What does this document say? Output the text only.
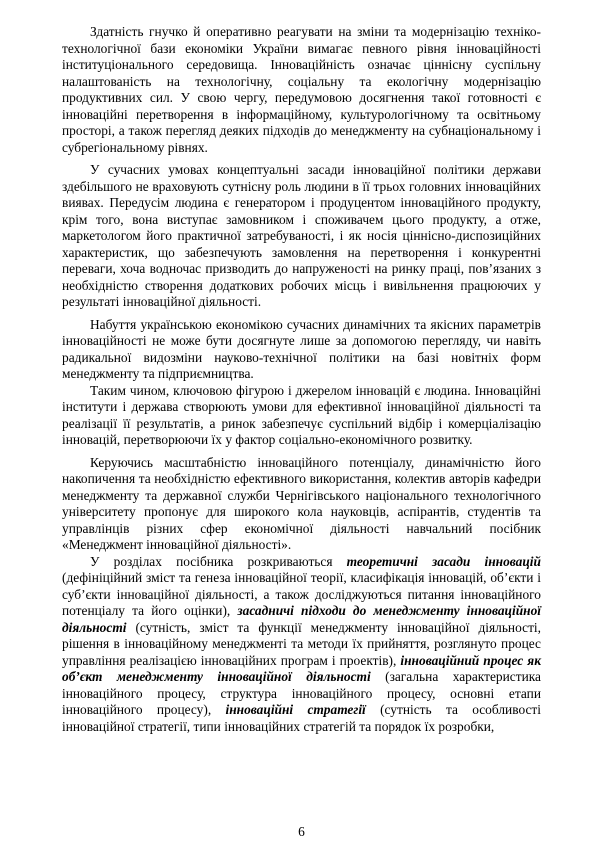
Здатність гнучко й оперативно реагувати на зміни та модернізацію техніко-технологічної бази економіки України вимагає певного рівня інноваційності інституціонального середовища. Інноваційність означає ціннісну суспільну налаштованість на технологічну, соціальну та екологічну модернізацію продуктивних сил. У свою чергу, передумовою досягнення такої готовності є інноваційні перетворення в інформаційному, культурологічному та освітньому просторі, а також перегляд деяких підходів до менеджменту на субнаціональному і субрегіональному рівнях.

У сучасних умовах концептуальні засади інноваційної політики держави здебільшого не враховують сутнісну роль людини в її трьох головних інноваційних виявах. Передусім людина є генератором і продуцентом інноваційного продукту, крім того, вона виступає замовником і споживачем цього продукту, а отже, маркетологом його практичної затребуваності, і як носія ціннісно-диспозиційних характеристик, що забезпечують замовлення на перетворення і конкурентні переваги, хоча водночас призводить до напруженості на ринку праці, пов’язаних з необхідністю створення додаткових робочих місць і вивільнення працюючих у результаті інноваційної діяльності.

Набуття українською економікою сучасних динамічних та якісних параметрів інноваційності не може бути досягнуте лише за допомогою перегляду, чи навіть радикальної видозміни науково-технічної політики на базі новітніх форм менеджменту та підприємництва.

Таким чином, ключовою фігурою і джерелом інновацій є людина. Інноваційні інститути і держава створюють умови для ефективної інноваційної діяльності та реалізації її результатів, а ринок забезпечує суспільний відбір і комерціалізацію інновацій, перетворюючи їх у фактор соціально-економічного розвитку.

Керуючись масштабністю інноваційного потенціалу, динамічністю його накопичення та необхідністю ефективного використання, колектив авторів кафедри менеджменту та державної служби Чернігівського національного технологічного університету пропонує для широкого кола науковців, аспірантів, студентів та управлінців різних сфер економічної діяльності навчальний посібник «Менеджмент інноваційної діяльності».

У розділах посібника розкриваються теоретичні засади інновацій (дефініційний зміст та генеза інноваційної теорії, класифікація інновацій, об’єкти і суб’єкти інноваційної діяльності, а також досліджуються питання інноваційного потенціалу та його оцінки), засадничі підходи до менеджменту інноваційної діяльності (сутність, зміст та функції менеджменту інноваційної діяльності, рішення в інноваційному менеджменті та методи їх прийняття, розглянуто процес управління реалізацією інноваційних програм і проектів), інноваційний процес як об’єкт менеджменту інноваційної діяльності (загальна характеристика інноваційного процесу, структура інноваційного процесу, основні етапи інноваційного процесу), інноваційні стратегії (сутність та особливості інноваційної стратегії, типи інноваційних стратегій та порядок їх розробки,

6
